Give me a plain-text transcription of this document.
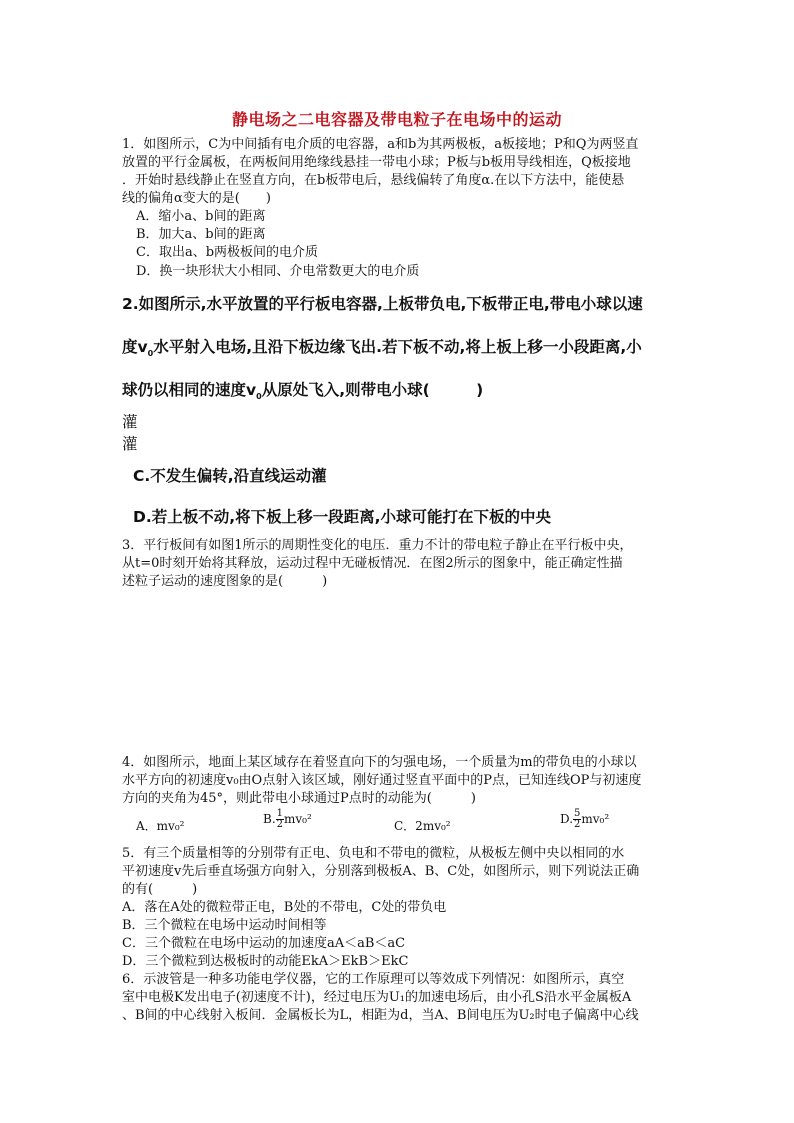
静电场之二电容器及带电粒子在电场中的运动
1．如图所示，C为中间插有电介质的电容器，a和b为其两极板，a板接地；P和Q为两竖直
放置的平行金属板，在两板间用绝缘线悬挂一带电小球；P板与b板用导线相连，Q板接地
．开始时悬线静止在竖直方向，在b板带电后，悬线偏转了角度α.在以下方法中，能使悬
线的偏角α变大的是(　　)
A．缩小a、b间的距离
B．加大a、b间的距离
C．取出a、b两极板间的电介质
D．换一块形状大小相同、介电常数更大的电介质
2.如图所示,水平放置的平行板电容器,上板带负电,下板带正电,带电小球以速
度$v_0$水平射入电场,且沿下板边缘飞出.若下板不动,将上板上移一小段距离,小
球仍以相同的速度$v_0$从原处飞入,则带电小球(　　　)
灌
灌
C.不发生偏转,沿直线运动灌
D.若上板不动,将下板上移一段距离,小球可能打在下板的中央
3．平行板间有如图1所示的周期性变化的电压．重力不计的带电粒子静止在平行板中央，
从t=0时刻开始将其释放，运动过程中无碰板情况．在图2所示的图象中，能正确定性描
述粒子运动的速度图象的是(　　　)
4．如图所示，地面上某区域存在着竖直向下的匀强电场，一个质量为m的带负电的小球以
水平方向的初速度v₀由O点射入该区域，刚好通过竖直平面中的P点，已知连线OP与初速度
方向的夹角为45°，则此带电小球通过P点时的动能为(　　　)
A．mv₀²	B. $\frac{1}{2} mv_0^2$	C．2mv₀²	D. $\frac{5}{2} mv_0^2$
5．有三个质量相等的分别带有正电、负电和不带电的微粒，从极板左侧中央以相同的水
平初速度v先后垂直场强方向射入，分别落到极板A、B、C处，如图所示，则下列说法正确
的有(　　　)
A．落在A处的微粒带正电，B处的不带电，C处的带负电
B．三个微粒在电场中运动时间相等
C．三个微粒在电场中运动的加速度aA＜aB＜aC
D．三个微粒到达极板时的动能EkA＞EkB＞EkC
6．示波管是一种多功能电学仪器，它的工作原理可以等效成下列情况：如图所示，真空
室中电极K发出电子(初速度不计)，经过电压为U₁的加速电场后，由小孔S沿水平金属板A
、B间的中心线射入板间．金属板长为L，相距为d，当A、B间电压为U₂时电子偏离中心线
